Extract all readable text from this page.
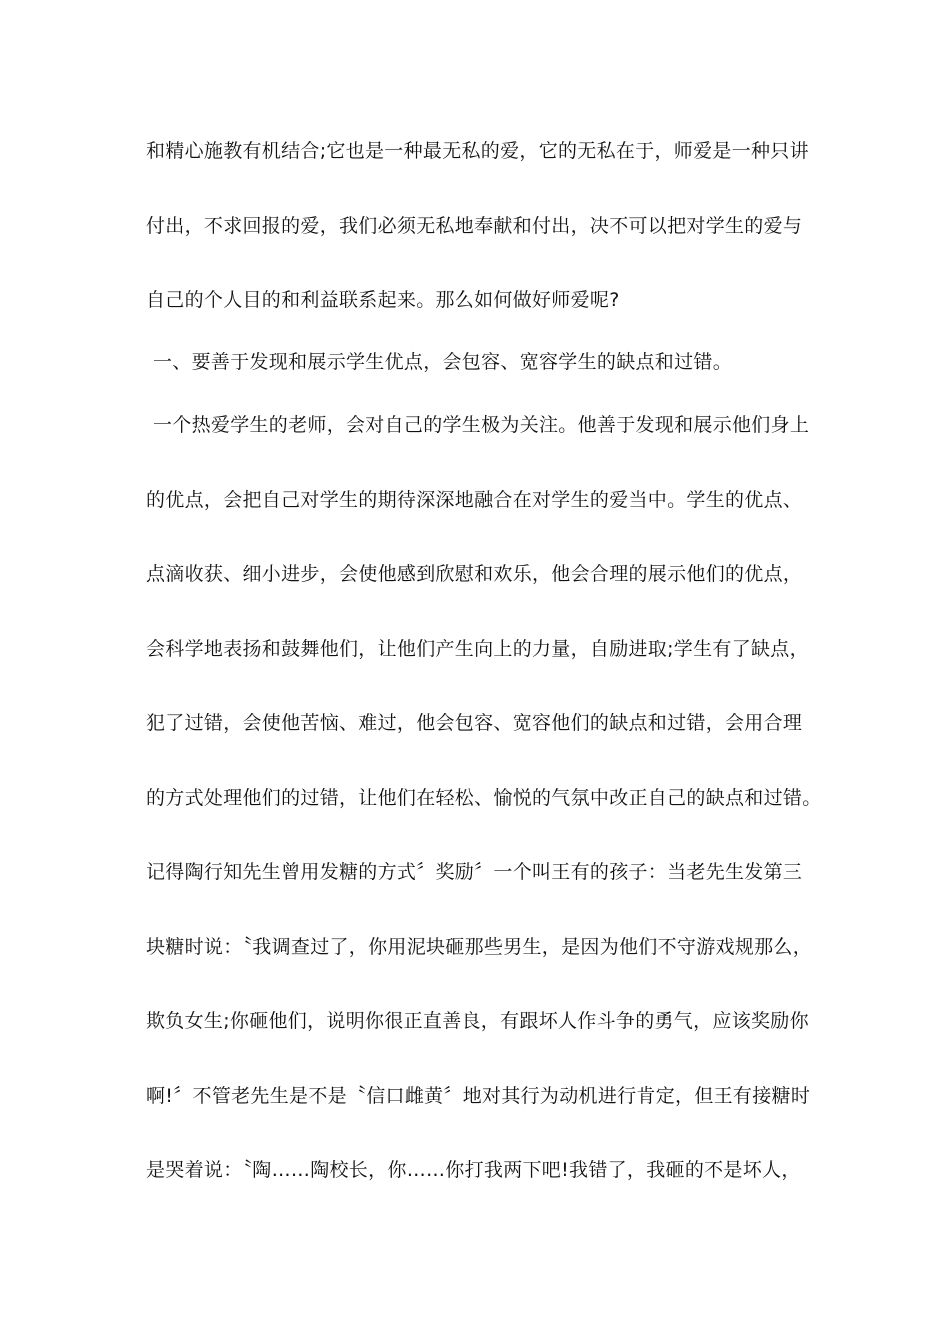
和精心施教有机结合;它也是一种最无私的爱，它的无私在于，师爱是一种只讲
付出，不求回报的爱，我们必须无私地奉献和付出，决不可以把对学生的爱与
自己的个人目的和利益联系起来。那么如何做好师爱呢?
一、要善于发现和展示学生优点，会包容、宽容学生的缺点和过错。
一个热爱学生的老师，会对自己的学生极为关注。他善于发现和展示他们身上
的优点，会把自己对学生的期待深深地融合在对学生的爱当中。学生的优点、
点滴收获、细小进步，会使他感到欣慰和欢乐，他会合理的展示他们的优点，
会科学地表扬和鼓舞他们，让他们产生向上的力量，自励进取;学生有了缺点，
犯了过错，会使他苦恼、难过，他会包容、宽容他们的缺点和过错，会用合理
的方式处理他们的过错，让他们在轻松、愉悦的气氛中改正自己的缺点和过错。
记得陶行知先生曾用发糖的方式〞奖励〞一个叫王有的孩子：当老先生发第三
块糖时说：〝我调查过了，你用泥块砸那些男生，是因为他们不守游戏规那么，
欺负女生;你砸他们，说明你很正直善良，有跟坏人作斗争的勇气，应该奖励你
啊!〞不管老先生是不是〝信口雌黄〞地对其行为动机进行肯定，但王有接糖时
是哭着说：〝陶……陶校长，你……你打我两下吧!我错了，我砸的不是坏人，
